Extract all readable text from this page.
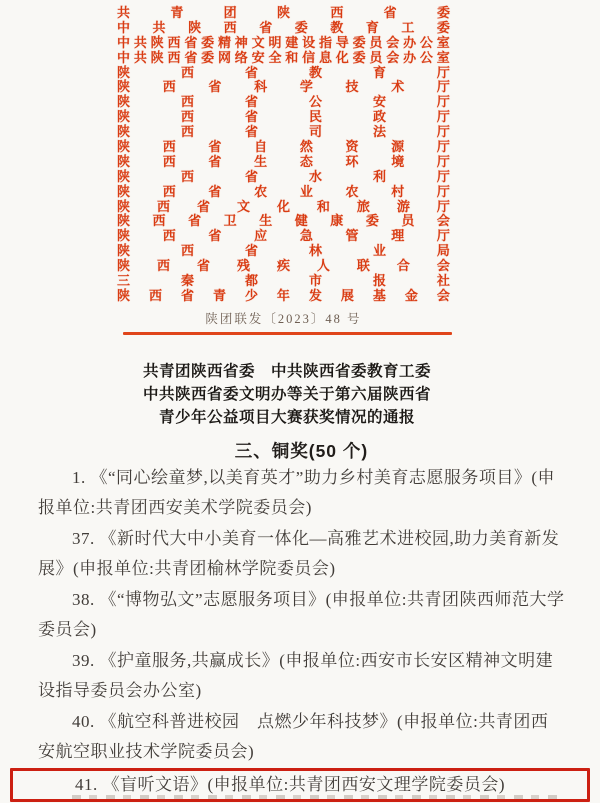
共	青	团	陕	西	省	委
中 共 陕 西 省 委 教 育 工 委
中 共 陕 西 省 委 精 神 文 明 建 设 指 导 委 员 会 办 公 室
中 共 陕 西 省 委 网 络 安 全 和 信 息 化 委 员 会 办 公 室
陕	西	省	教	育	厅
陕	西	省	科	学	技	术	厅
陕	西	省	公	安	厅
陕	西	省	民	政	厅
陕	西	省	司	法	厅
陕	西	省	自	然	资	源	厅
陕	西	省	生	态	环	境	厅
陕	西	省	水	利	厅
陕	西	省	农	业	农	村	厅
陕 西 省 文 化 和 旅 游 厅
陕 西 省 卫 生 健 康 委 员 会
陕	西	省	应	急	管	理	厅
陕	西	省	林	业	局
陕 西 省 残 疾 人 联 合 会
三	秦	都	市	报	社
陕 西 省 青 少 年 发 展 基 金 会
陕团联发〔2023〕48 号
共青团陕西省委　中共陕西省委教育工委
中共陕西省委文明办等关于第六届陕西省
青少年公益项目大赛获奖情况的通报
三、铜奖(50 个)
1. 《“同心绘童梦,以美育英才”助力乡村美育志愿服务项目》(申报单位:共青团西安美术学院委员会)
37. 《新时代大中小美育一体化—高雅艺术进校园,助力美育新发展》(申报单位:共青团榆林学院委员会)
38. 《“博物弘文”志愿服务项目》(申报单位:共青团陕西师范大学委员会)
39. 《护童服务,共赢成长》(申报单位:西安市长安区精神文明建设指导委员会办公室)
40. 《航空科普进校园　点燃少年科技梦》(申报单位:共青团西安航空职业技术学院委员会)
41. 《盲听文语》(申报单位:共青团西安文理学院委员会)
